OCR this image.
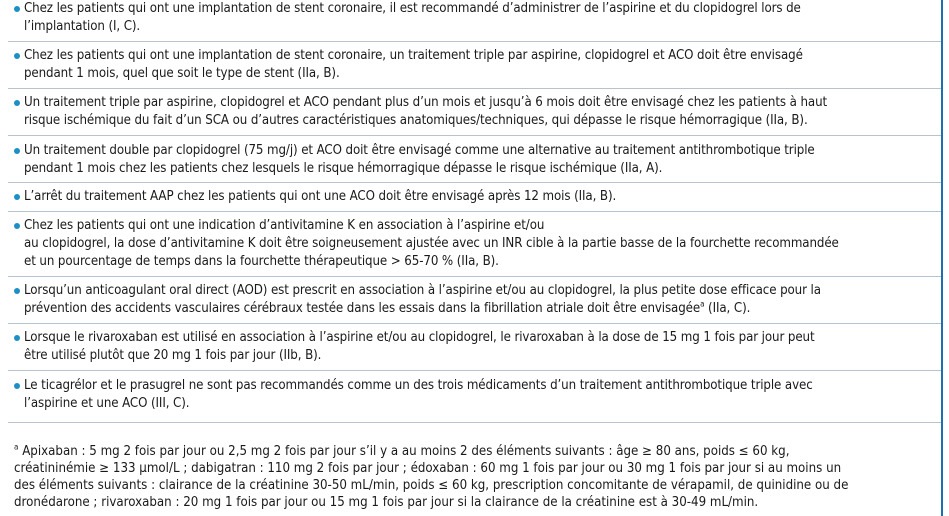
Chez les patients qui ont une implantation de stent coronaire, il est recommandé d’administrer de l’aspirine et du clopidogrel lors de
l’implantation (I, C).
Chez les patients qui ont une implantation de stent coronaire, un traitement triple par aspirine, clopidogrel et ACO doit être envisagé
pendant 1 mois, quel que soit le type de stent (IIa, B).
Un traitement triple par aspirine, clopidogrel et ACO pendant plus d’un mois et jusqu’à 6 mois doit être envisagé chez les patients à haut
risque ischémique du fait d’un SCA ou d’autres caractéristiques anatomiques/techniques, qui dépasse le risque hémorragique (IIa, B).
Un traitement double par clopidogrel (75 mg/j) et ACO doit être envisagé comme une alternative au traitement antithrombotique triple
pendant 1 mois chez les patients chez lesquels le risque hémorragique dépasse le risque ischémique (IIa, A).
L’arrêt du traitement AAP chez les patients qui ont une ACO doit être envisagé après 12 mois (IIa, B).
Chez les patients qui ont une indication d’antivitamine K en association à l’aspirine et/ou
au clopidogrel, la dose d’antivitamine K doit être soigneusement ajustée avec un INR cible à la partie basse de la fourchette recommandée
et un pourcentage de temps dans la fourchette thérapeutique > 65-70 % (IIa, B).
Lorsqu’un anticoagulant oral direct (AOD) est prescrit en association à l’aspirine et/ou au clopidogrel, la plus petite dose efficace pour la
prévention des accidents vasculaires cérébraux testée dans les essais dans la fibrillation atriale doit être envisagée$^a$ (IIa, C).
Lorsque le rivaroxaban est utilisé en association à l’aspirine et/ou au clopidogrel, le rivaroxaban à la dose de 15 mg 1 fois par jour peut
être utilisé plutôt que 20 mg 1 fois par jour (IIb, B).
Le ticagrélor et le prasugrel ne sont pas recommandés comme un des trois médicaments d’un traitement antithrombotique triple avec
l’aspirine et une ACO (III, C).
$^a$ Apixaban : 5 mg 2 fois par jour ou 2,5 mg 2 fois par jour s’il y a au moins 2 des éléments suivants : âge ≥ 80 ans, poids ≤ 60 kg,
créatininémie ≥ 133 μmol/L ; dabigatran : 110 mg 2 fois par jour ; édoxaban : 60 mg 1 fois par jour ou 30 mg 1 fois par jour si au moins un
des éléments suivants : clairance de la créatinine 30-50 mL/min, poids ≤ 60 kg, prescription concomitante de vérapamil, de quinidine ou de
dronédarone ; rivaroxaban : 20 mg 1 fois par jour ou 15 mg 1 fois par jour si la clairance de la créatinine est à 30-49 mL/min.
